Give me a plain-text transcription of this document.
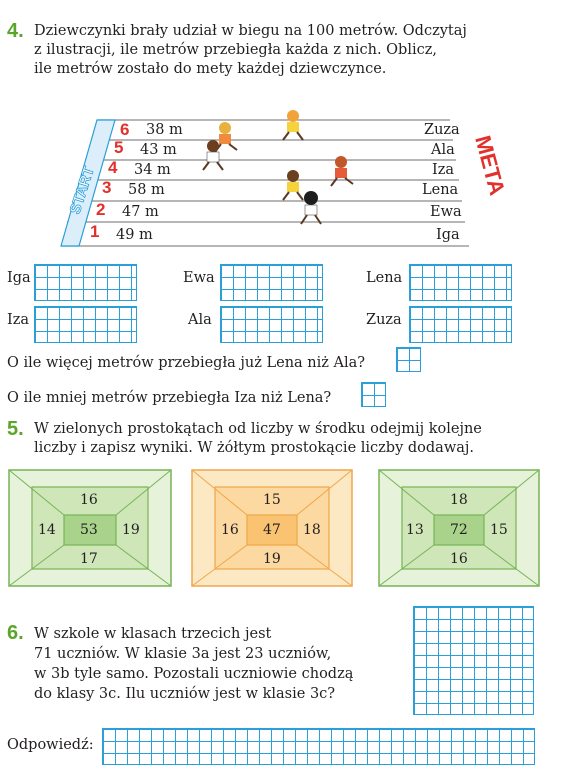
4. Dziewczynki brały udział w biegu na 100 metrów. Odczytaj
z ilustracji, ile metrów przebiegła każda z nich. Oblicz,
ile metrów zostało do mety każdej dziewczynce.
START	META
6 38 m	Zuza
5 43 m	Ala
4 34 m	Iza
3 58 m	Lena
2 47 m	Ewa
1 49 m	Iga
Iga	Ewa	Lena
Iza	Ala	Zuza
O ile więcej metrów przebiegła już Lena niż Ala?
O ile mniej metrów przebiegła Iza niż Lena?
5. W zielonych prostokątach od liczby w środku odejmij kolejne
liczby i zapisz wyniki. W żółtym prostokącie liczby dodawaj.
16
14 53 19
17
15
16 47 18
19
18
13 72 15
16
6. W szkole w klasach trzecich jest
71 uczniów. W klasie 3a jest 23 uczniów,
w 3b tyle samo. Pozostali uczniowie chodzą
do klasy 3c. Ilu uczniów jest w klasie 3c?
Odpowiedź:
